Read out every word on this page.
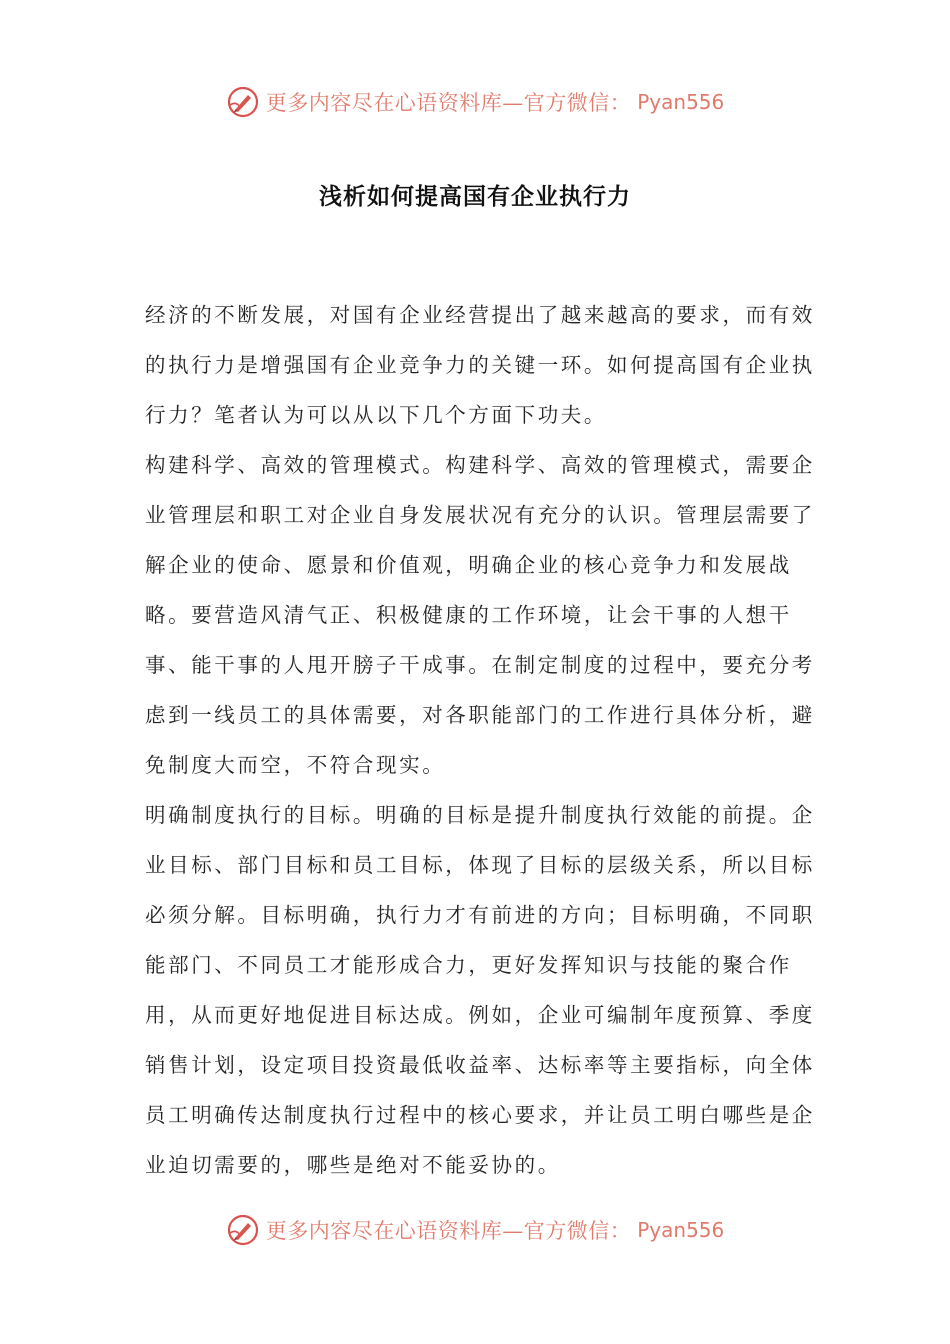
更多内容尽在心语资料库—官方微信： Pyan556
浅析如何提高国有企业执行力

经济的不断发展，对国有企业经营提出了越来越高的要求，而有效的执行力是增强国有企业竞争力的关键一环。如何提高国有企业执行力？笔者认为可以从以下几个方面下功夫。

构建科学、高效的管理模式。构建科学、高效的管理模式，需要企业管理层和职工对企业自身发展状况有充分的认识。管理层需要了解企业的使命、愿景和价值观，明确企业的核心竞争力和发展战略。要营造风清气正、积极健康的工作环境，让会干事的人想干事、能干事的人甩开膀子干成事。在制定制度的过程中，要充分考虑到一线员工的具体需要，对各职能部门的工作进行具体分析，避免制度大而空，不符合现实。

明确制度执行的目标。明确的目标是提升制度执行效能的前提。企业目标、部门目标和员工目标，体现了目标的层级关系，所以目标必须分解。目标明确，执行力才有前进的方向；目标明确，不同职能部门、不同员工才能形成合力，更好发挥知识与技能的聚合作用，从而更好地促进目标达成。例如，企业可编制年度预算、季度销售计划，设定项目投资最低收益率、达标率等主要指标，向全体员工明确传达制度执行过程中的核心要求，并让员工明白哪些是企业迫切需要的，哪些是绝对不能妥协的。

更多内容尽在心语资料库—官方微信： Pyan556
